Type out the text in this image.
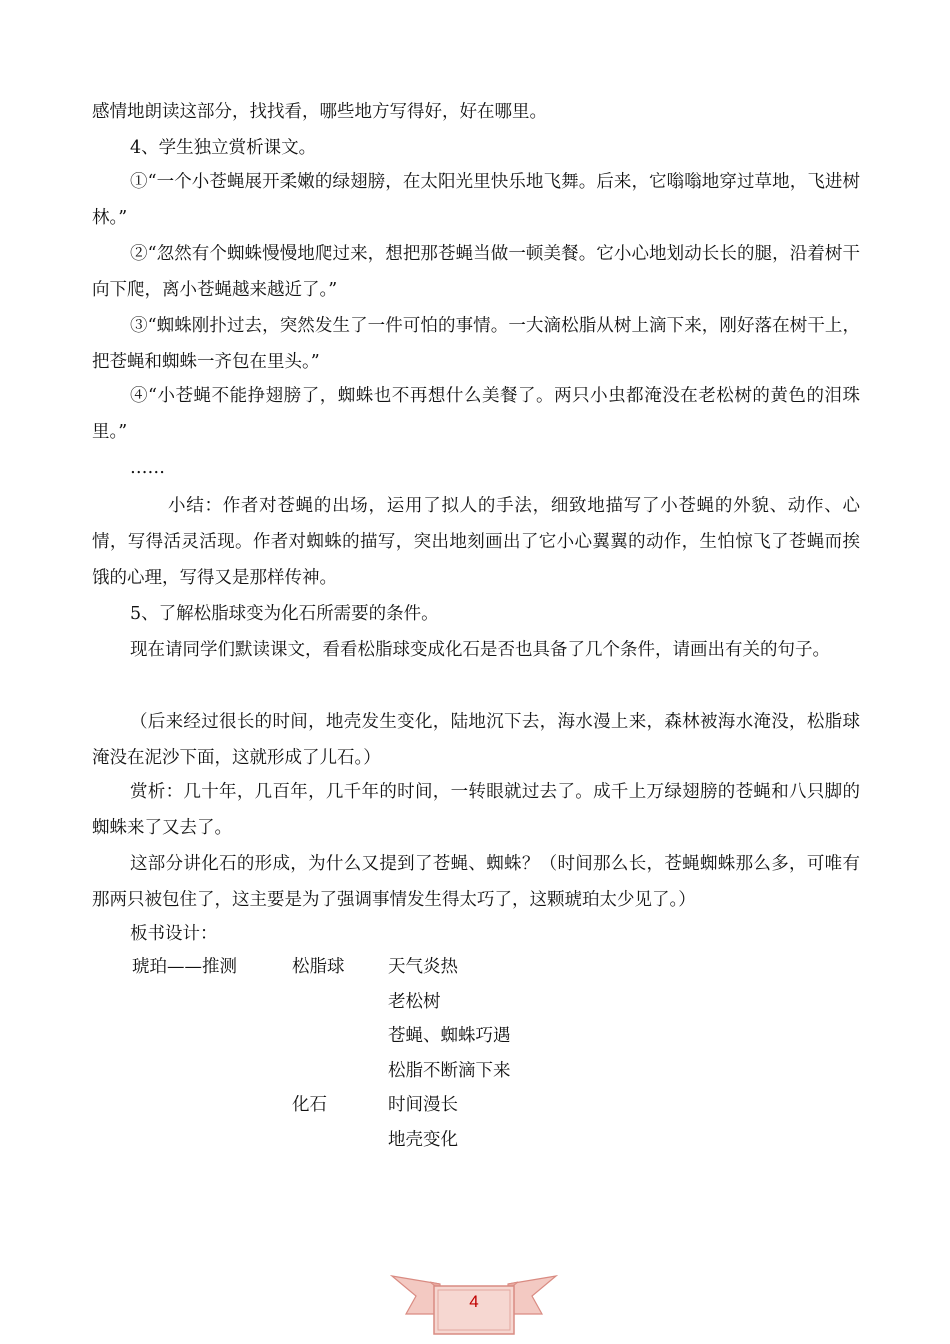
感情地朗读这部分，找找看，哪些地方写得好，好在哪里。

4、学生独立赏析课文。

①“一个小苍蝇展开柔嫩的绿翅膀，在太阳光里快乐地飞舞。后来，它嗡嗡地穿过草地，飞进树林。”

②“忽然有个蜘蛛慢慢地爬过来，想把那苍蝇当做一顿美餐。它小心地划动长长的腿，沿着树干向下爬，离小苍蝇越来越近了。”

③“蜘蛛刚扑过去，突然发生了一件可怕的事情。一大滴松脂从树上滴下来，刚好落在树干上，把苍蝇和蜘蛛一齐包在里头。”

④“小苍蝇不能挣翅膀了，蜘蛛也不再想什么美餐了。两只小虫都淹没在老松树的黄色的泪珠里。”

……

小结：作者对苍蝇的出场，运用了拟人的手法，细致地描写了小苍蝇的外貌、动作、心情，写得活灵活现。作者对蜘蛛的描写，突出地刻画出了它小心翼翼的动作，生怕惊飞了苍蝇而挨饿的心理，写得又是那样传神。

5、了解松脂球变为化石所需要的条件。

现在请同学们默读课文，看看松脂球变成化石是否也具备了几个条件，请画出有关的句子。

（后来经过很长的时间，地壳发生变化，陆地沉下去，海水漫上来，森林被海水淹没，松脂球淹没在泥沙下面，这就形成了儿石。）

赏析：几十年，几百年，几千年的时间，一转眼就过去了。成千上万绿翅膀的苍蝇和八只脚的蜘蛛来了又去了。

这部分讲化石的形成，为什么又提到了苍蝇、蜘蛛？（时间那么长，苍蝇蜘蛛那么多，可唯有那两只被包住了，这主要是为了强调事情发生得太巧了，这颗琥珀太少见了。）

板书设计：

琥珀——推测	松脂球 天气炎热
老松树
苍蝇、蜘蛛巧遇
松脂不断滴下来
化石	时间漫长
地壳变化
4
